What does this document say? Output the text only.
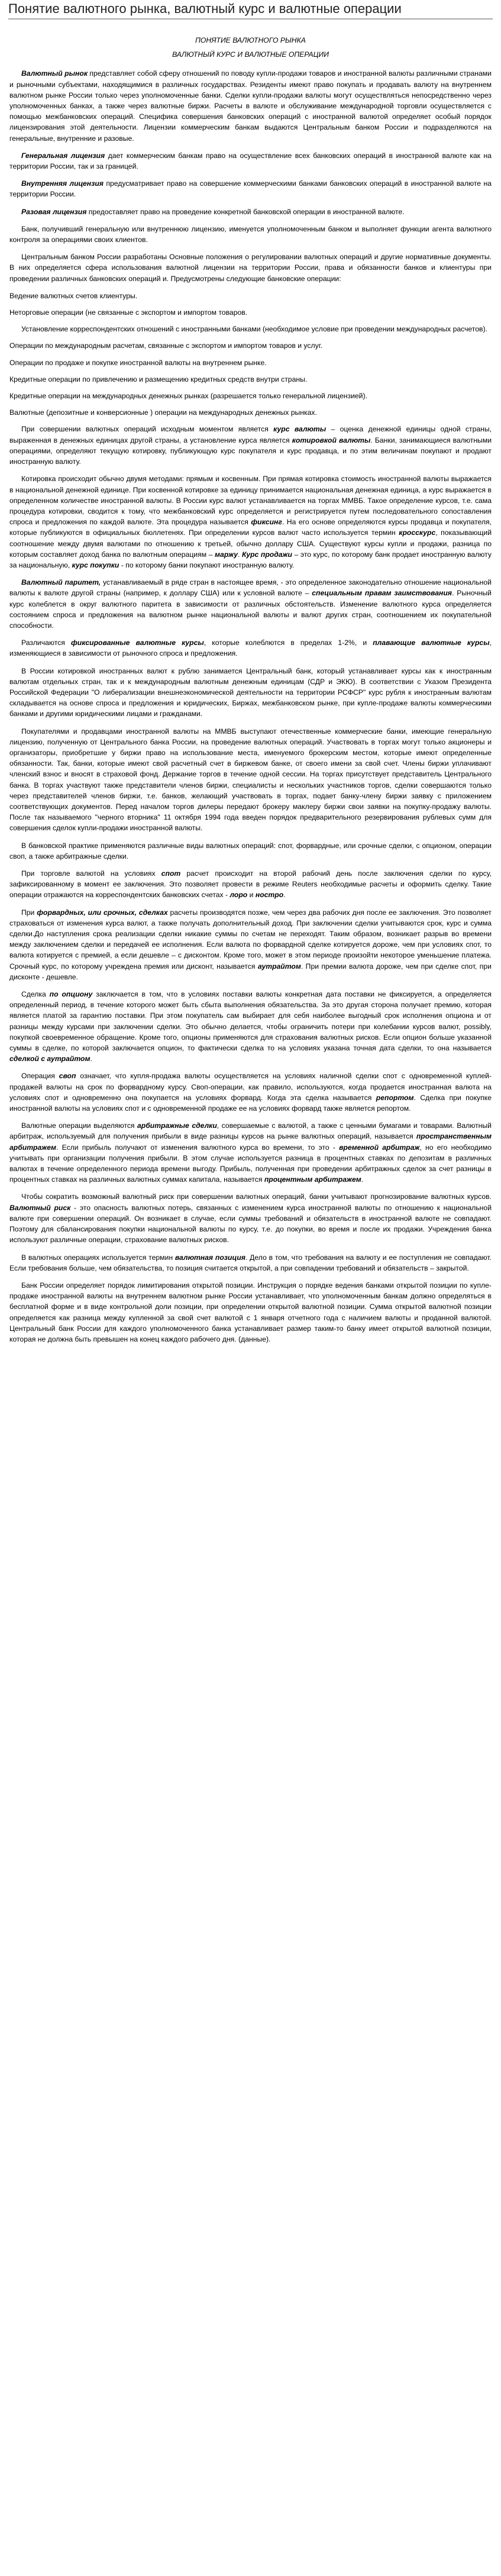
Понятие валютного рынка, валютный курс и валютные операции

ПОНЯТИЕ ВАЛЮТНОГО РЫНКА

ВАЛЮТНЫЙ КУРС И ВАЛЮТНЫЕ ОПЕРАЦИИ

Валютный рынок представляет собой сферу отношений по поводу купли-продажи товаров и иностранной валюты различными странами и рыночными субъектами, находящимися в различных государствах. Резиденты имеют право покупать и продавать валюту на внутреннем валютном рынке России только через уполномоченные банки. Сделки купли-продажи валюты могут осуществляться непосредственно через уполномоченных банках, а также через валютные биржи. Расчеты в валюте и обслуживание международной торговли осуществляется с помощью межбанковских операций. Специфика совершения банковских операций с иностранной валютой определяет особый порядок лицензирования этой деятельности. Лицензии коммерческим банкам выдаются Центральным банком России и подразделяются на генеральные, внутренние и разовые.

Генеральная лицензия дает коммерческим банкам право на осуществление всех банковских операций в иностранной валюте как на территории России, так и за границей.

Внутренняя лицензия предусматривает право на совершение коммерческими банками банковских операций в иностранной валюте на территории России.

Разовая лицензия предоставляет право на проведение конкретной банковской операции в иностранной валюте.

Банк, получивший генеральную или внутреннюю лицензию, именуется уполномоченным банком и выполняет функции агента валютного контроля за операциями своих клиентов.

Центральным банком России разработаны Основные положения о регулировании валютных операций и другие нормативные документы. В них определяется сфера использования валютной лицензии на территории России, права и обязанности банков и клиентуры при проведении различных банковских операций и. Предусмотрены следующие банковские операции:

Ведение валютных счетов клиентуры.

Неторговые операции (не связанные с экспортом и импортом товаров.

Установление корреспондентских отношений с иностранными банками (необходимое условие при проведении международных расчетов).

Операции по международным расчетам, связанные с экспортом и импортом товаров и услуг.

Операции по продаже и покупке иностранной валюты на внутреннем рынке.

Кредитные операции по привлечению и размещению кредитных средств внутри страны.

Кредитные операции на международных денежных рынках (разрешается только генеральной лицензией).

Валютные (депозитные и конверсионные ) операции на международных денежных рынках.

При совершении валютных операций исходным моментом является курс валюты – оценка денежной единицы одной страны, выраженная в денежных единицах другой страны, а установление курса является котировкой валюты. Банки, занимающиеся валютными операциями, определяют текущую котировку, публикующую курс покупателя и курс продавца, и по этим величинам покупают и продают иностранную валюту.

Котировка происходит обычно двумя методами: прямым и косвенным. При прямая котировка стоимость иностранной валюты выражается в национальной денежной единице. При косвенной котировке за единицу принимается национальная денежная единица, а курс выражается в определенном количестве иностранной валюты. В России курс валют устанавливается на торгах ММВБ. Такое определение курсов, т.е. сама процедура котировки, сводится к тому, что межбанковский курс определяется и регистрируется путем последовательного сопоставления спроса и предложения по каждой валюте. Эта процедура называется фиксинг. На его основе определяются курсы продавца и покупателя, которые публикуются в официальных бюллетенях. При определении курсов валют часто используется термин кросскурс, показывающий соотношение между двумя валютами по отношению к третьей, обычно доллару США. Существуют курсы купли и продажи, разница по которым составляет доход банка по валютным операциям – маржу. Курс продажи – это курс, по которому банк продает иностранную валюту за национальную, курс покупки - по которому банки покупают иностранную валюту.

Валютный паритет, устанавливаемый в ряде стран в настоящее время, - это определенное законодательно отношение национальной валюты к валюте другой страны (например, к доллару США) или к условной валюте – специальным правам заимствования. Рыночный курс колеблется в округ валютного паритета в зависимости от различных обстоятельств. Изменение валютного курса определяется состоянием спроса и предложения на валютном рынке национальной валюты и валют других стран, соотношением их покупательной способности.

Различаются фиксированные валютные курсы, которые колеблются в пределах 1-2%, и плавающие валютные курсы, изменяющиеся в зависимости от рыночного спроса и предложения.

В России котировкой иностранных валют к рублю занимается Центральный банк, который устанавливает курсы как к иностранным валютам отдельных стран, так и к международным валютным денежным единицам (СДР и ЭКЮ). В соответствии с Указом Президента Российской Федерации "О либерализации внешнеэкономической деятельности на территории РСФСР" курс рубля к иностранным валютам складывается на основе спроса и предложения и юридических, Биржах, межбанковском рынке, при купле-продаже валюты коммерческими банками и другими юридическими лицами и гражданами.

Покупателями и продавцами иностранной валюты на ММВБ выступают отечественные коммерческие банки, имеющие генеральную лицензию, полученную от Центрального банка России, на проведение валютных операций. Участвовать в торгах могут только акционеры и организаторы, приобретшие у биржи право на использование места, именуемого брокерским местом, которые имеют определенные обязанности. Так, банки, которые имеют свой расчетный счет в биржевом банке, от своего имени за свой счет. Члены биржи уплачивают членский взнос и вносят в страховой фонд. Держание торгов в течение одной сессии. На торгах присутствует представитель Центрального банка. В торгах участвуют также представители членов биржи, специалисты и нескольких участников торгов, сделки совершаются только через представителей членов биржи, т.е. банков, желающий участвовать в торгах, подает банку-члену биржи заявку с приложением соответствующих документов. Перед началом торгов дилеры передают брокеру маклеру биржи свои заявки на покупку-продажу валюты. После так называемого "черного вторника" 11 октября 1994 года введен порядок предварительного резервирования рублевых сумм для совершения сделок купли-продажи иностранной валюты.

В банковской практике применяются различные виды валютных операций: спот, форвардные, или срочные сделки, с опционом, операции своп, а также арбитражные сделки.

При торговле валютой на условиях спот расчет происходит на второй рабочий день после заключения сделки по курсу, зафиксированному в момент ее заключения. Это позволяет провести в режиме Reuters необходимые расчеты и оформить сделку. Такие операции отражаются на корреспондентских банковских счетах - лоро и ностро.

При форвардных, или срочных, сделках расчеты производятся позже, чем через два рабочих дня после ее заключения. Это позволяет страховаться от изменения курса валют, а также получать дополнительный доход. При заключении сделки учитываются срок, курс и сумма сделки.До наступления срока реализации сделки никакие суммы по счетам не переходят. Таким образом, возникает разрыв во времени между заключением сделки и передачей ее исполнения. Если валюта по форвардной сделке котируется дороже, чем при условиях спот, то валюта котируется с премией, а если дешевле – с дисконтом. Кроме того, может в этом периоде произойти некоторое уменьшение платежа. Срочный курс, по которому учреждена премия или дисконт, называется аутрайтом. При премии валюта дороже, чем при сделке спот, при дисконте - дешевле.

Сделка по опциону заключается в том, что в условиях поставки валюты конкретная дата поставки не фиксируется, а определяется определенный период, в течение которого может быть сбыта выполнения обязательства. За это другая сторона получает премию, которая является платой за гарантию поставки. При этом покупатель сам выбирает для себя наиболее выгодный срок исполнения опциона и от разницы между курсами при заключении сделки. Это обычно делается, чтобы ограничить потери при колебании курсов валют, possibly, покупкой своевременное обращение. Кроме того, опционы применяются для страхования валютных рисков. Если опцион больше указанной суммы в сделке, по которой заключается опцион, то фактически сделка то на условиях указана точная дата сделки, то она называется сделкой с аутрайтом.

Операция своп означает, что купля-продажа валюты осуществляется на условиях наличной сделки спот с одновременной куплей-продажей валюты на срок по форвардному курсу. Своп-операции, как правило, используются, когда продается иностранная валюта на условиях спот и одновременно она покупается на условиях форвард. Когда эта сделка называется репортом. Сделка при покупке иностранной валюты на условиях спот и с одновременной продаже ее на условиях форвард также является репортом.

Валютные операции выделяются арбитражные сделки, совершаемые с валютой, а также с ценными бумагами и товарами. Валютный арбитраж, используемый для получения прибыли в виде разницы курсов на рынке валютных операций, называется пространственным арбитражем. Если прибыль получают от изменения валютного курса во времени, то это - временной арбитраж, но его необходимо учитывать при организации получения прибыли. В этом случае используется разница в процентных ставках по депозитам в различных валютах в течение определенного периода времени выгоду. Прибыль, полученная при проведении арбитражных сделок за счет разницы в процентных ставках на различных валютных суммах капитала, называется процентным арбитражем.

Чтобы сократить возможный валютный риск при совершении валютных операций, банки учитывают прогнозирование валютных курсов. Валютный риск - это опасность валютных потерь, связанных с изменением курса иностранной валюты по отношению к национальной валюте при совершении операций. Он возникает в случае, если суммы требований и обязательств в иностранной валюте не совпадают. Поэтому для сбалансирования покупки национальной валюты по курсу, т.е. до покупки, во время и после их продажи. Учреждения банка используют различные операции, страхование валютных рисков.

В валютных операциях используется термин валютная позиция. Дело в том, что требования на валюту и ее поступления не совпадают. Если требования больше, чем обязательства, то позиция считается открытой, а при совпадении требований и обязательств – закрытой.

Банк России определяет порядок лимитирования открытой позиции. Инструкция о порядке ведения банками открытой позиции по купле-продаже иностранной валюты на внутреннем валютном рынке России устанавливает, что уполномоченным банкам должно определяться в бесплатной форме и в виде контрольной доли позиции, при определении открытой валютной позиции. Сумма открытой валютной позиции определяется как разница между купленной за свой счет валютой с 1 января отчетного года с наличием валюты и проданной валютой. Центральный банк России для каждого уполномоченного банка устанавливает размер таким-то банку имеет открытой валютной позиции, которая не должна быть превышен на конец каждого рабочего дня. (данные).
